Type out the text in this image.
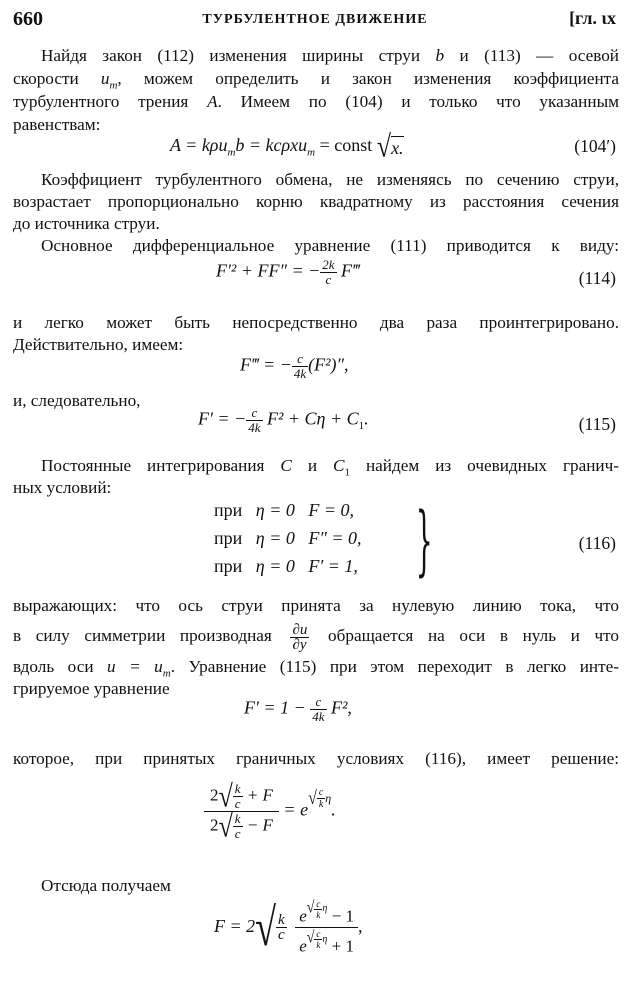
660	ТУРБУЛЕНТНОЕ ДВИЖЕНИЕ	[гл. ιх
Найдя закон (112) изменения ширины струи b и (113) — осевой
скорости $u_m$, можем определить и закон изменения коэффициента
турбулентного трения A. Имеем по (104) и только что указанным
равенствам:
A = kρu$_m$b = kcρxu$_m$ = const √x.	(104′)
Коэффициент турбулентного обмена, не изменяясь по сечению струи,
возрастает пропорционально корню квадратному из расстояния сечения
до источника струи.
Основное дифференциальное уравнение (111) приводится к виду:
F′² + FF″ = − $\frac{2k}{c}$ F‴	(114)
и легко может быть непосредственно два раза проинтегрировано.
Действительно, имеем:
F‴ = − $\frac{c}{4k} (F^2)''$,
и, следовательно,
F′ = − $\frac{c}{4k} F^2 + C\eta + C_1$.	(115)
Постоянные интегрирования C и $C_1$ найдем из очевидных гранич-
ных условий:
при η = 0 F = 0,
при η = 0 F″ = 0,
при η = 0 F′ = 1, }	(116)
выражающих: что ось струи принята за нулевую линию тока, что
в силу симметрии производная $\frac{\partial u}{\partial y}$ обращается на оси в нуль и что
вдоль оси $u = u_m$. Уравнение (115) при этом переходит в легко инте-
грируемое уравнение
$F' = 1 - \frac{c}{4k} F^2$,
которое, при принятых граничных условиях (116), имеет решение:
$\frac{2√ \frac{k}{c} + F}{2√ \frac{k}{c} - F} = e^{√ \frac{c}{k} \eta}$.
Отсюда получаем
$F = 2√ \frac{k}{c}$
$e^{√ \frac{c}{k} \eta} - 1$
$e^{√ \frac{c}{k} \eta} + 1$ ,
